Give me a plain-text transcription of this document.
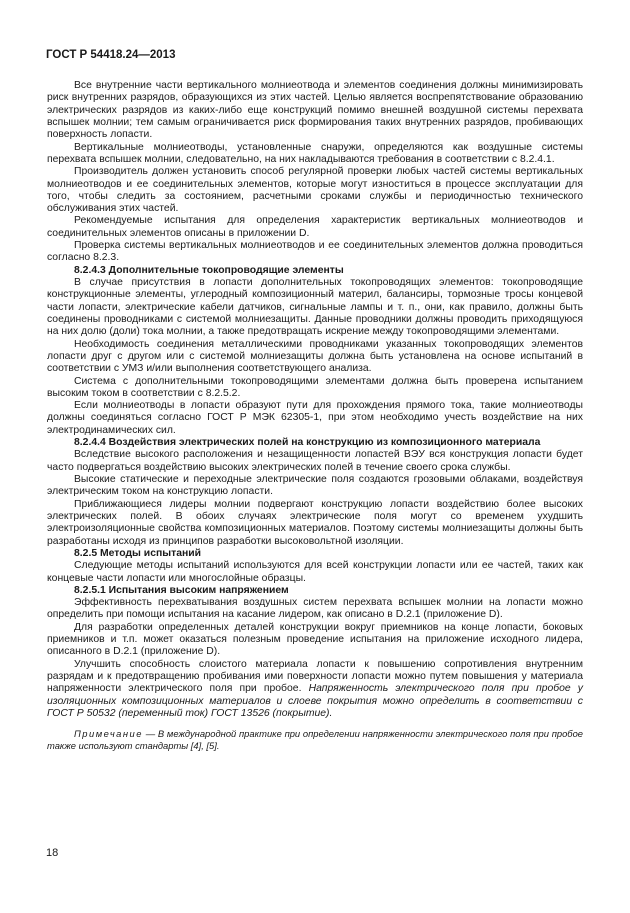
ГОСТ Р 54418.24—2013

Все внутренние части вертикального молниеотвода и элементов соединения должны минимизировать риск внутренних разрядов, образующихся из этих частей. Целью является воспрепятствование образованию электрических разрядов из каких-либо еще конструкций помимо внешней воздушной системы перехвата вспышек молнии; тем самым ограничивается риск формирования таких внутренних разрядов, пробивающих поверхность лопасти.

Вертикальные молниеотводы, установленные снаружи, определяются как воздушные системы перехвата вспышек молнии, следовательно, на них накладываются требования в соответствии с 8.2.4.1.

Производитель должен установить способ регулярной проверки любых частей системы вертикальных молниеотводов и ее соединительных элементов, которые могут изноститься в процессе эксплуатации для того, чтобы следить за состоянием, расчетными сроками службы и периодичностью технического обслуживания этих частей.

Рекомендуемые испытания для определения характеристик вертикальных молниеотводов и соединительных элементов описаны в приложении D.

Проверка системы вертикальных молниеотводов и ее соединительных элементов должна проводиться согласно 8.2.3.

8.2.4.3 Дополнительные токопроводящие элементы

В случае присутствия в лопасти дополнительных токопроводящих элементов: токопроводящие конструкционные элементы, углеродный композиционный материл, балансиры, тормозные тросы концевой части лопасти, электрические кабели датчиков, сигнальные лампы и т. п., они, как правило, должны быть соединены проводниками с системой молниезащиты. Данные проводники должны проводить приходящуюся на них долю (доли) тока молнии, а также предотвращать искрение между токопроводящими элементами.

Необходимость соединения металлическими проводниками указанных токопроводящих элементов лопасти друг с другом или с системой молниезащиты должна быть установлена на основе испытаний в соответствии с УМЗ и/или выполнения соответствующего анализа.

Система с дополнительными токопроводящими элементами должна быть проверена испытанием высоким током в соответствии с 8.2.5.2.

Если молниеотводы в лопасти образуют пути для прохождения прямого тока, такие молниеотводы должны соединяться согласно ГОСТ Р МЭК 62305-1, при этом необходимо учесть воздействие на них электродинамических сил.

8.2.4.4 Воздействия электрических полей на конструкцию из композиционного материала

Вследствие высокого расположения и незащищенности лопастей ВЭУ вся конструкция лопасти будет часто подвергаться воздействию высоких электрических полей в течение своего срока службы.

Высокие статические и переходные электрические поля создаются грозовыми облаками, воздействуя электрическим током на конструкцию лопасти.

Приближающиеся лидеры молнии подвергают конструкцию лопасти воздействию более высоких электрических полей. В обоих случаях электрические поля могут со временем ухудшить электроизоляционные свойства композиционных материалов. Поэтому системы молниезащиты должны быть разработаны исходя из принципов разработки высоковольтной изоляции.

8.2.5 Методы испытаний

Следующие методы испытаний используются для всей конструкции лопасти или ее частей, таких как концевые части лопасти или многослойные образцы.

8.2.5.1 Испытания высоким напряжением

Эффективность перехватывания воздушных систем перехвата вспышек молнии на лопасти можно определить при помощи испытания на касание лидером, как описано в D.2.1 (приложение D).

Для разработки определенных деталей конструкции вокруг приемников на конце лопасти, боковых приемников и т.п. может оказаться полезным проведение испытания на приложение исходного лидера, описанного в D.2.1 (приложение D).

Улучшить способность слоистого материала лопасти к повышению сопротивления внутренним разрядам и к предотвращению пробивания ими поверхности лопасти можно путем повышения у материала напряженности электрического поля при пробое. Напряженность электрического поля при пробое у изоляционных композиционных материалов и слоеве покрытия можно определить в соответствии с ГОСТ Р 50532 (переменный ток) ГОСТ 13526 (покрытие).

Примечание — В международной практике при определении напряженности электрического поля при пробое также используют стандарты [4], [5].

18
